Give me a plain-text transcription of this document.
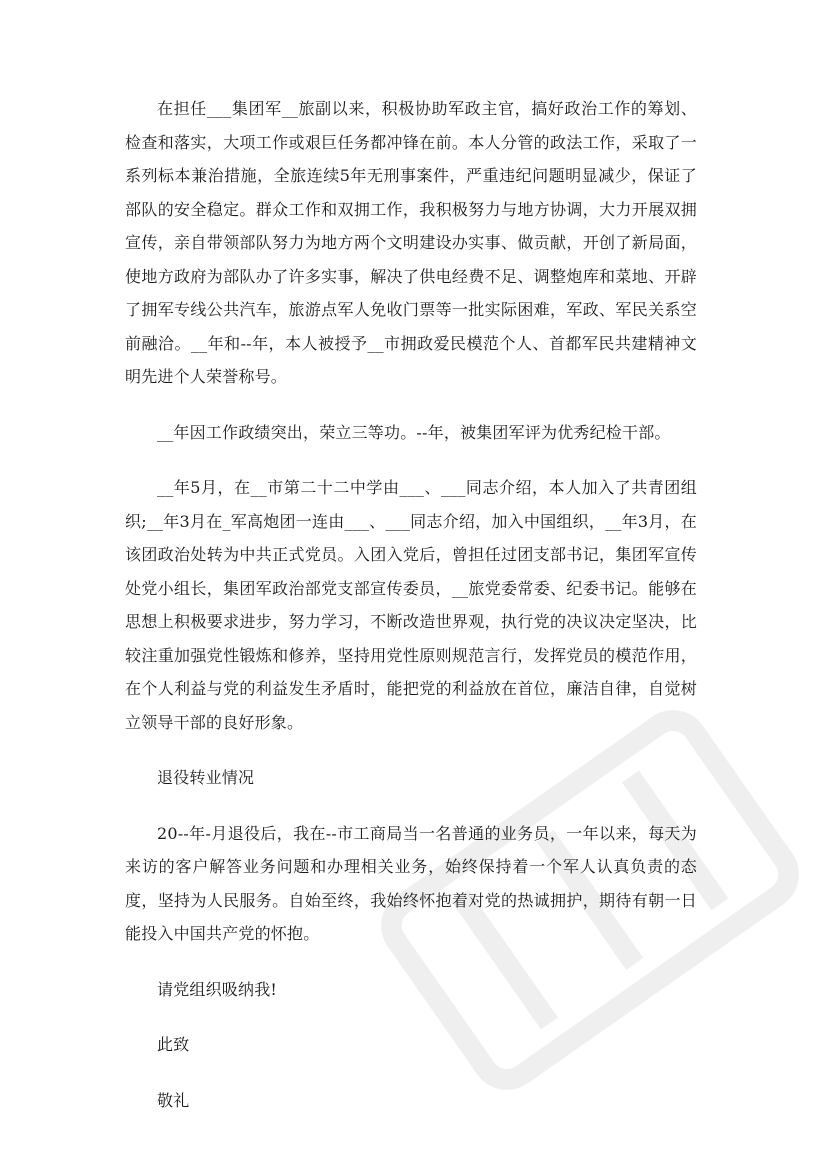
在担任___集团军__旅副以来，积极协助军政主官，搞好政治工作的筹划、检查和落实，大项工作或艰巨任务都冲锋在前。本人分管的政法工作，采取了一系列标本兼治措施，全旅连续5年无刑事案件，严重违纪问题明显减少，保证了部队的安全稳定。群众工作和双拥工作，我积极努力与地方协调，大力开展双拥宣传，亲自带领部队努力为地方两个文明建设办实事、做贡献，开创了新局面，使地方政府为部队办了许多实事，解决了供电经费不足、调整炮库和菜地、开辟了拥军专线公共汽车，旅游点军人免收门票等一批实际困难，军政、军民关系空前融洽。__年和--年，本人被授予__市拥政爱民模范个人、首都军民共建精神文明先进个人荣誉称号。

__年因工作政绩突出，荣立三等功。--年，被集团军评为优秀纪检干部。

__年5月，在__市第二十二中学由___、___同志介绍，本人加入了共青团组织;__年3月在_军高炮团一连由___、___同志介绍，加入中国组织，__年3月，在该团政治处转为中共正式党员。入团入党后，曾担任过团支部书记，集团军宣传处党小组长，集团军政治部党支部宣传委员，__旅党委常委、纪委书记。能够在思想上积极要求进步，努力学习，不断改造世界观，执行党的决议决定坚决，比较注重加强党性锻炼和修养，坚持用党性原则规范言行，发挥党员的模范作用，在个人利益与党的利益发生矛盾时，能把党的利益放在首位，廉洁自律，自觉树立领导干部的良好形象。

退役转业情况

20--年-月退役后，我在--市工商局当一名普通的业务员，一年以来，每天为来访的客户解答业务问题和办理相关业务，始终保持着一个军人认真负责的态度，坚持为人民服务。自始至终，我始终怀抱着对党的热诚拥护，期待有朝一日能投入中国共产党的怀抱。

请党组织吸纳我!

此致

敬礼
